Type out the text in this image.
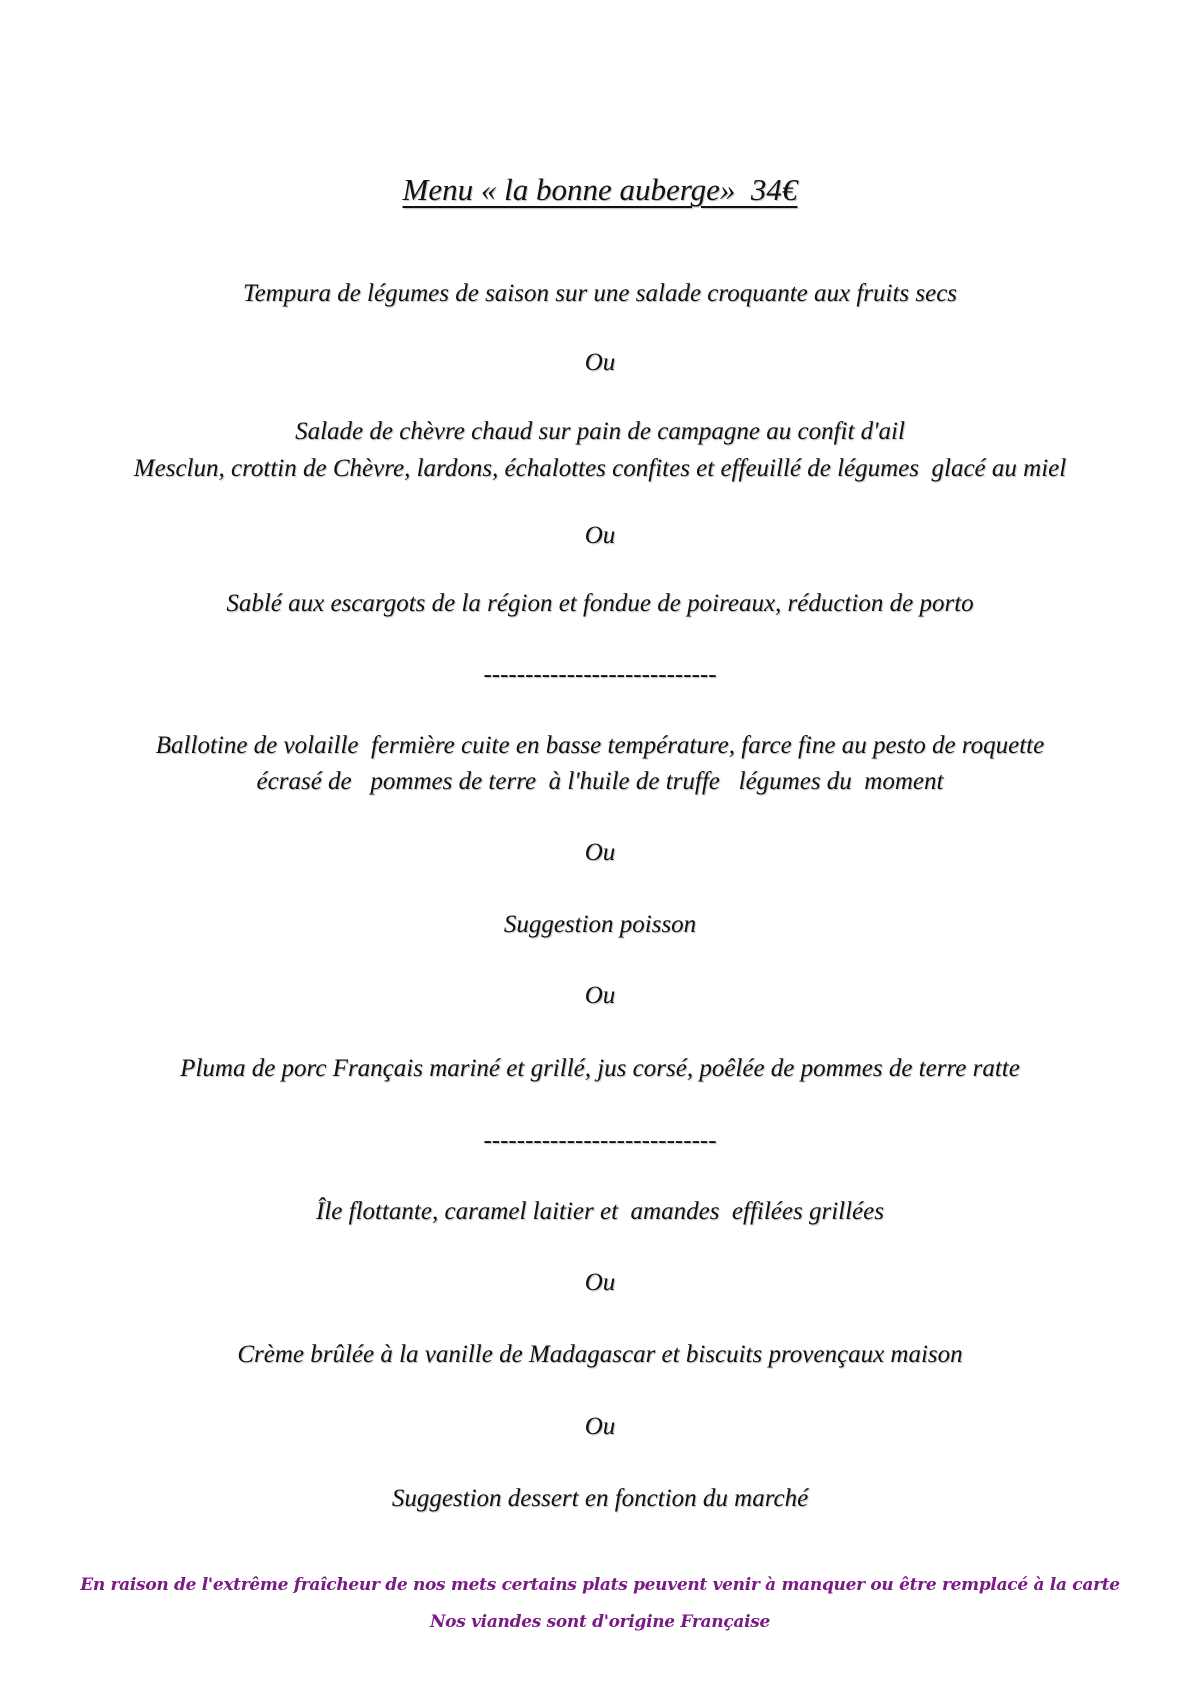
Menu « la bonne auberge»  34€
Tempura de légumes de saison sur une salade croquante aux fruits secs
Ou
Salade de chèvre chaud sur pain de campagne au confit d'ail
Mesclun, crottin de Chèvre, lardons, échalottes confites et effeuillé de légumes  glacé au miel
Ou
Sablé aux escargots de la région et fondue de poireaux, réduction de porto
----------------------------
Ballotine de volaille  fermière cuite en basse température, farce fine au pesto de roquette
écrasé de   pommes de terre  à l'huile de truffe   légumes du  moment
Ou
Suggestion poisson
Ou
Pluma de porc Français mariné et grillé, jus corsé, poêlée de pommes de terre ratte
----------------------------
Île flottante, caramel laitier et  amandes  effilées grillées
Ou
Crème brûlée à la vanille de Madagascar et biscuits provençaux maison
Ou
Suggestion dessert en fonction du marché
En raison de l'extrême fraîcheur de nos mets certains plats peuvent venir à manquer ou être remplacé à la carte
Nos viandes sont d'origine Française
